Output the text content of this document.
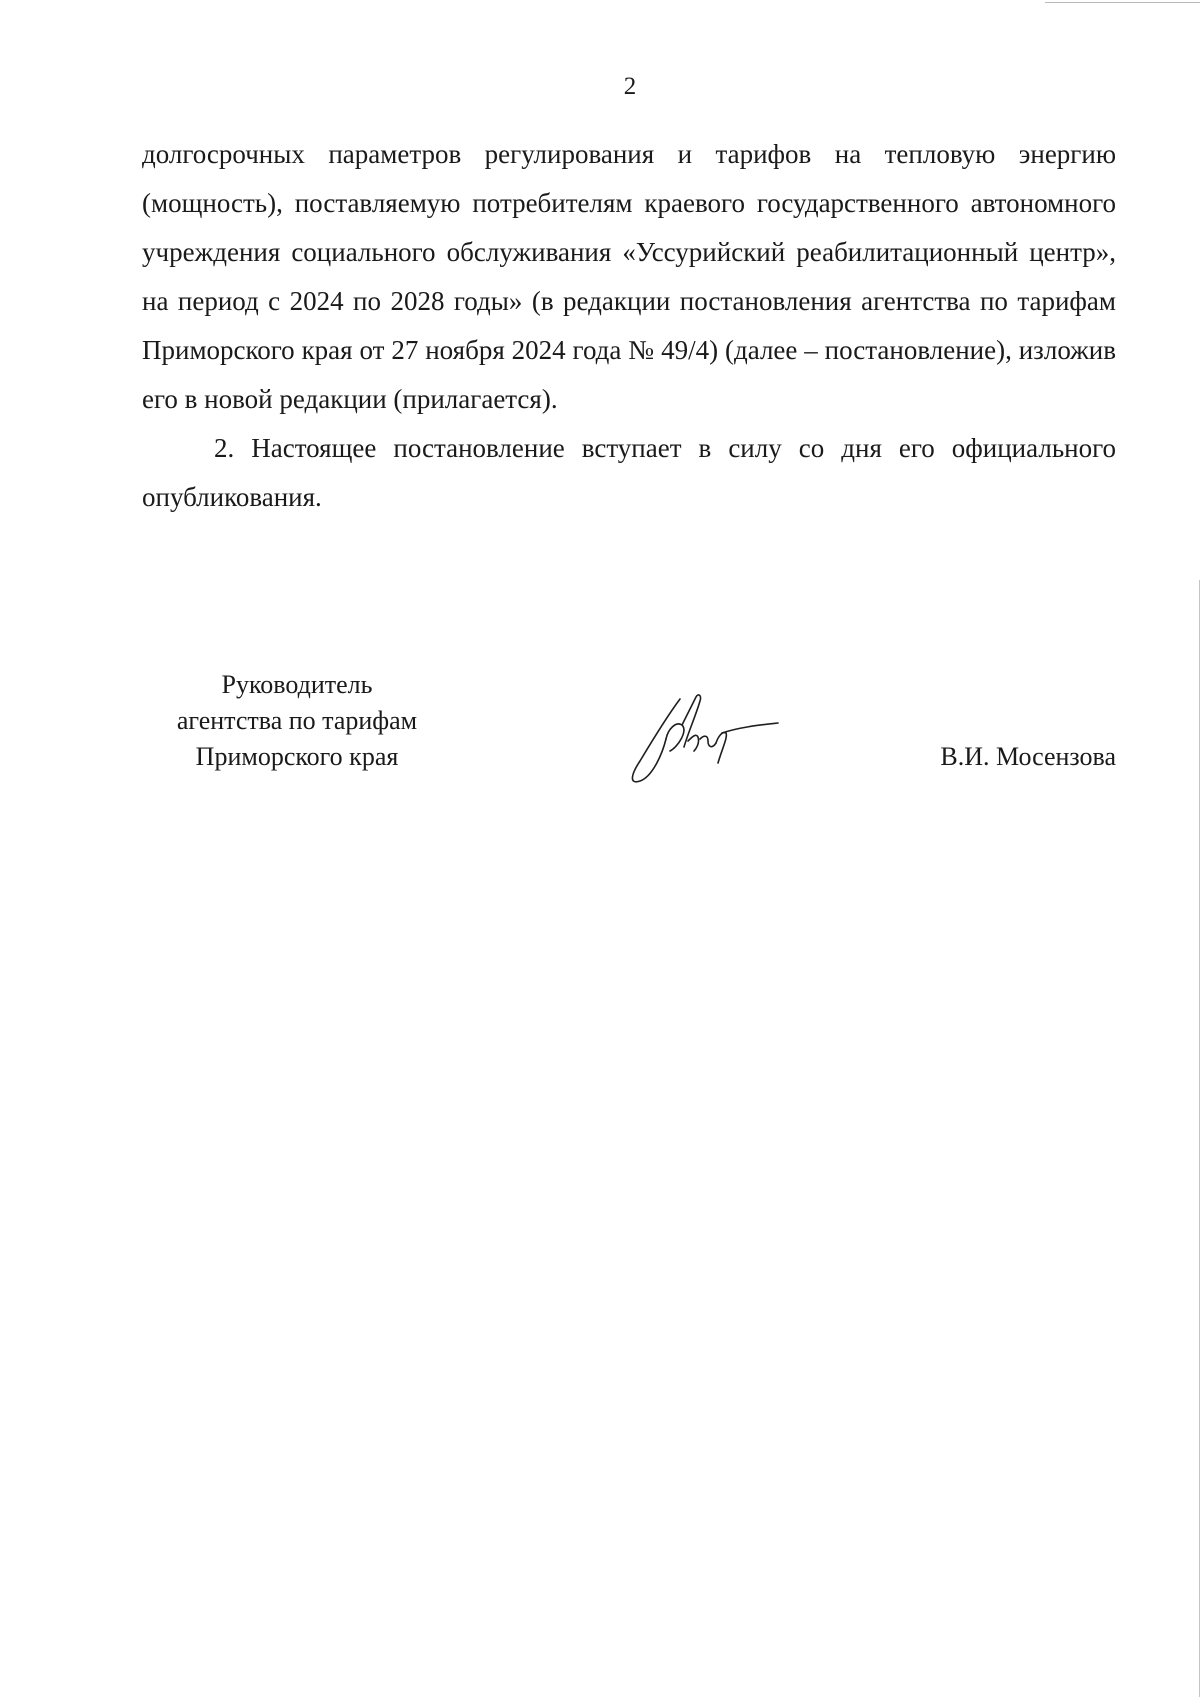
2

долгосрочных параметров регулирования и тарифов на тепловую энергию (мощность), поставляемую потребителям краевого государственного автономного учреждения социального обслуживания «Уссурийский реабилитационный центр», на период с 2024 по 2028 годы» (в редакции постановления агентства по тарифам Приморского края от 27 ноября 2024 года № 49/4) (далее – постановление), изложив его в новой редакции (прилагается).

2. Настоящее постановление вступает в силу со дня его официального опубликования.

Руководитель
агентства по тарифам
Приморского края	В.И. Мосензова
